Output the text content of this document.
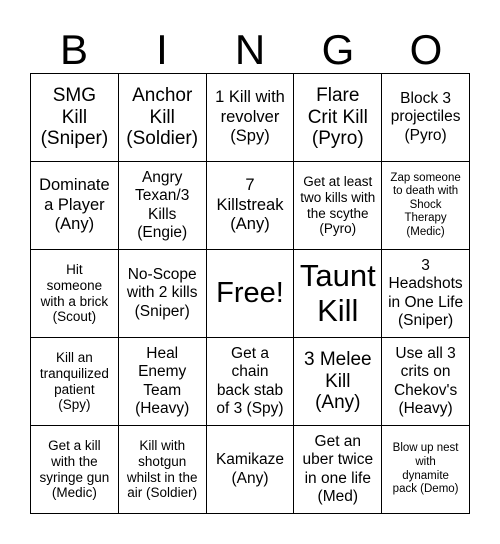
B	I	N	G	O
SMG
Kill
(Sniper)
Anchor
Kill
(Soldier)
1 Kill with
revolver
(Spy)
Flare
Crit Kill
(Pyro)
Block 3
projectiles
(Pyro)
Dominate
a Player
(Any)
Angry
Texan/3
Kills
(Engie)
7
Killstreak
(Any)
Get at least
two kills with
the scythe
(Pyro)
Zap someone
to death with
Shock
Therapy
(Medic)
Hit
someone
with a brick
(Scout)
No-Scope
with 2 kills
(Sniper)
Free! Taunt
Kill
3
Headshots
in One Life
(Sniper)
Kill an
tranquilized
patient
(Spy)
Heal
Enemy
Team
(Heavy)
Get a
chain
back stab
of 3 (Spy)
3 Melee
Kill
(Any)
Use all 3
crits on
Chekov's
(Heavy)
Get a kill
with the
syringe gun
(Medic)
Kill with
shotgun
whilst in the
air (Soldier)
Kamikaze
(Any)
Get an
uber twice
in one life
(Med)
Blow up nest
with
dynamite
pack (Demo)
